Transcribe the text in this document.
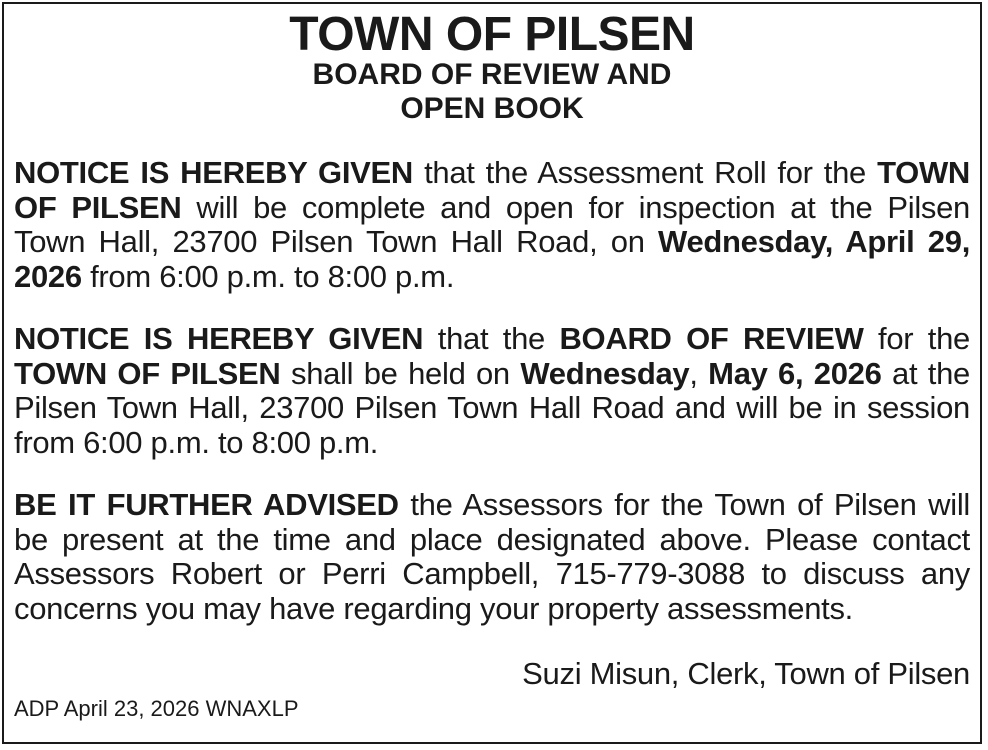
TOWN OF PILSEN
BOARD OF REVIEW AND
OPEN BOOK
NOTICE IS HEREBY GIVEN that the Assessment Roll for the TOWN OF PILSEN will be complete and open for inspection at the Pilsen Town Hall, 23700 Pilsen Town Hall Road, on Wednesday, April 29, 2026 from 6:00 p.m. to 8:00 p.m.
NOTICE IS HEREBY GIVEN that the BOARD OF REVIEW for the TOWN OF PILSEN shall be held on Wednesday, May 6, 2026 at the Pilsen Town Hall, 23700 Pilsen Town Hall Road and will be in session from 6:00 p.m. to 8:00 p.m.
BE IT FURTHER ADVISED the Assessors for the Town of Pilsen will be present at the time and place designated above. Please contact Assessors Robert or Perri Campbell, 715-779-3088 to discuss any concerns you may have regarding your property assessments.
Suzi Misun, Clerk, Town of Pilsen
ADP April 23, 2026 WNAXLP
